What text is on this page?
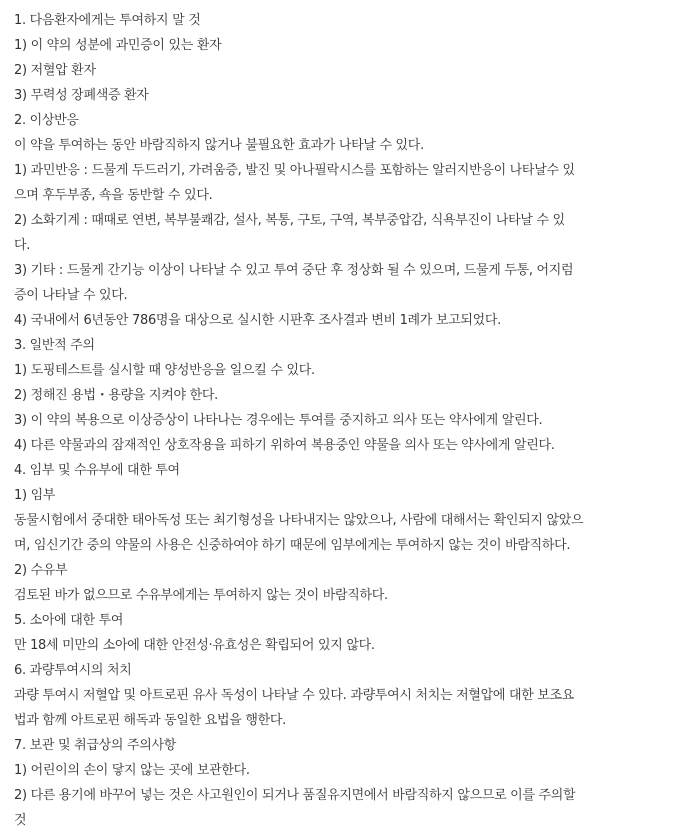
1. 다음환자에게는 투여하지 말 것
1) 이 약의 성분에 과민증이 있는 환자
2) 저혈압 환자
3) 무력성 장폐색증 환자
2. 이상반응
이 약을 투여하는 동안 바람직하지 않거나 불필요한 효과가 나타날 수 있다.
1) 과민반응 : 드물게 두드러기, 가려움증, 발진 및 아나필락시스를 포함하는 알러지반응이 나타날수 있
으며 후두부종, 쇽을 동반할 수 있다.
2) 소화기계 : 때때로 연변, 복부불쾌감, 설사, 복통, 구토, 구역, 복부중압감, 식욕부진이 나타날 수 있
다.
3) 기타 : 드물게 간기능 이상이 나타날 수 있고 투여 중단 후 정상화 될 수 있으며, 드물게 두통, 어지럼
증이 나타날 수 있다.
4) 국내에서 6년동안 786명을 대상으로 실시한 시판후 조사결과 변비 1례가 보고되었다.
3. 일반적 주의
1) 도핑테스트를 실시할 때 양성반응을 일으킬 수 있다.
2) 정해진 용법・용량을 지켜야 한다.
3) 이 약의 복용으로 이상증상이 나타나는 경우에는 투여를 중지하고 의사 또는 약사에게 알린다.
4) 다른 약물과의 잠재적인 상호작용을 피하기 위하여 복용중인 약물을 의사 또는 약사에게 알린다.
4. 임부 및 수유부에 대한 투여
1) 임부
동물시험에서 중대한 태아독성 또는 최기형성을 나타내지는 않았으나, 사람에 대해서는 확인되지 않았으
며, 임신기간 중의 약물의 사용은 신중하여야 하기 때문에 임부에게는 투여하지 않는 것이 바람직하다.
2) 수유부
검토된 바가 없으므로 수유부에게는 투여하지 않는 것이 바람직하다.
5. 소아에 대한 투여
만 18세 미만의 소아에 대한 안전성·유효성은 확립되어 있지 않다.
6. 과량투여시의 처치
과량 투여시 저혈압 및 아트로핀 유사 독성이 나타날 수 있다. 과량투여시 처치는 저혈압에 대한 보조요
법과 함께 아트로핀 해독과 동일한 요법을 행한다.
7. 보관 및 취급상의 주의사항
1) 어린이의 손이 닿지 않는 곳에 보관한다.
2) 다른 용기에 바꾸어 넣는 것은 사고원인이 되거나 품질유지면에서 바람직하지 않으므로 이를 주의할
것
